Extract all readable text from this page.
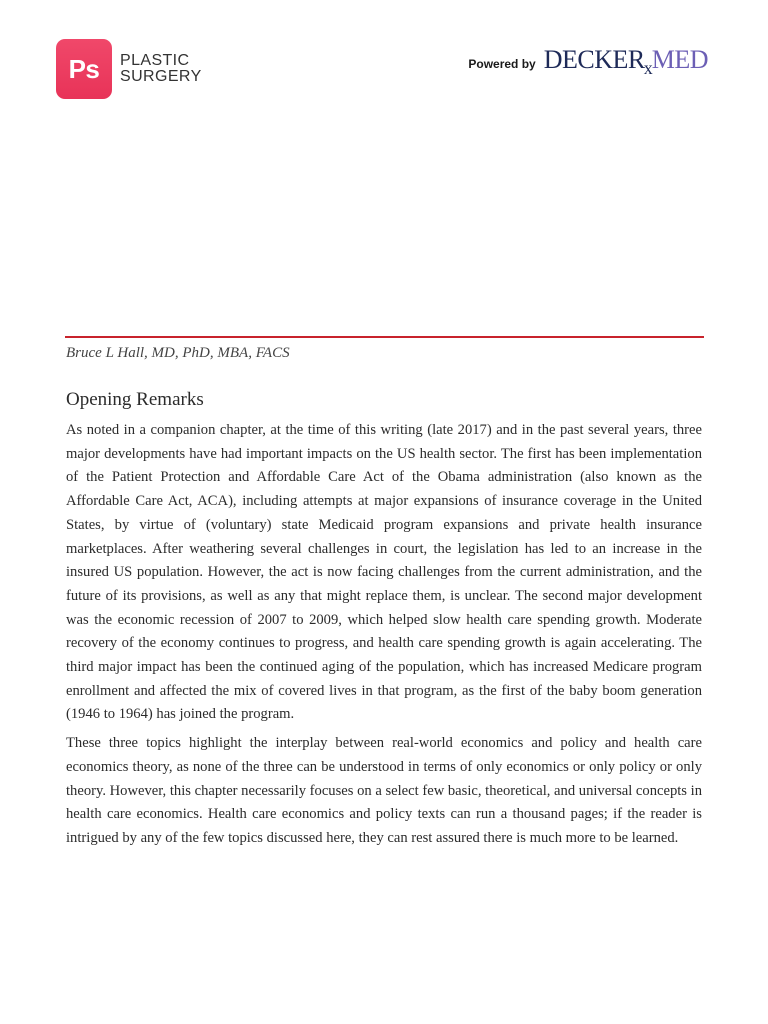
Ps PLASTIC
SURGERY
Powered by DECKER x MED
Bruce L Hall, MD, PhD, MBA, FACS
Opening Remarks

As noted in a companion chapter, at the time of this writing (late 2017) and in the past several years, three major developments have had important impacts on the US health sector. The first has been implementation of the Patient Protection and Affordable Care Act of the Obama administration (also known as the Affordable Care Act, ACA), including attempts at major expansions of insurance coverage in the United States, by virtue of (voluntary) state Medicaid program expansions and private health insurance marketplaces. After weathering several challenges in court, the legislation has led to an increase in the insured US population. However, the act is now facing challenges from the current administration, and the future of its provisions, as well as any that might replace them, is unclear. The second major development was the economic recession of 2007 to 2009, which helped slow health care spending growth. Moderate recovery of the economy continues to progress, and health care spending growth is again accelerating. The third major impact has been the continued aging of the population, which has increased Medicare program enrollment and affected the mix of covered lives in that program, as the first of the baby boom generation (1946 to 1964) has joined the program.

These three topics highlight the interplay between real-world economics and policy and health care economics theory, as none of the three can be understood in terms of only economics or only policy or only theory. However, this chapter necessarily focuses on a select few basic, theoretical, and universal concepts in health care economics. Health care economics and policy texts can run a thousand pages; if the reader is intrigued by any of the few topics discussed here, they can rest assured there is much more to be learned.
